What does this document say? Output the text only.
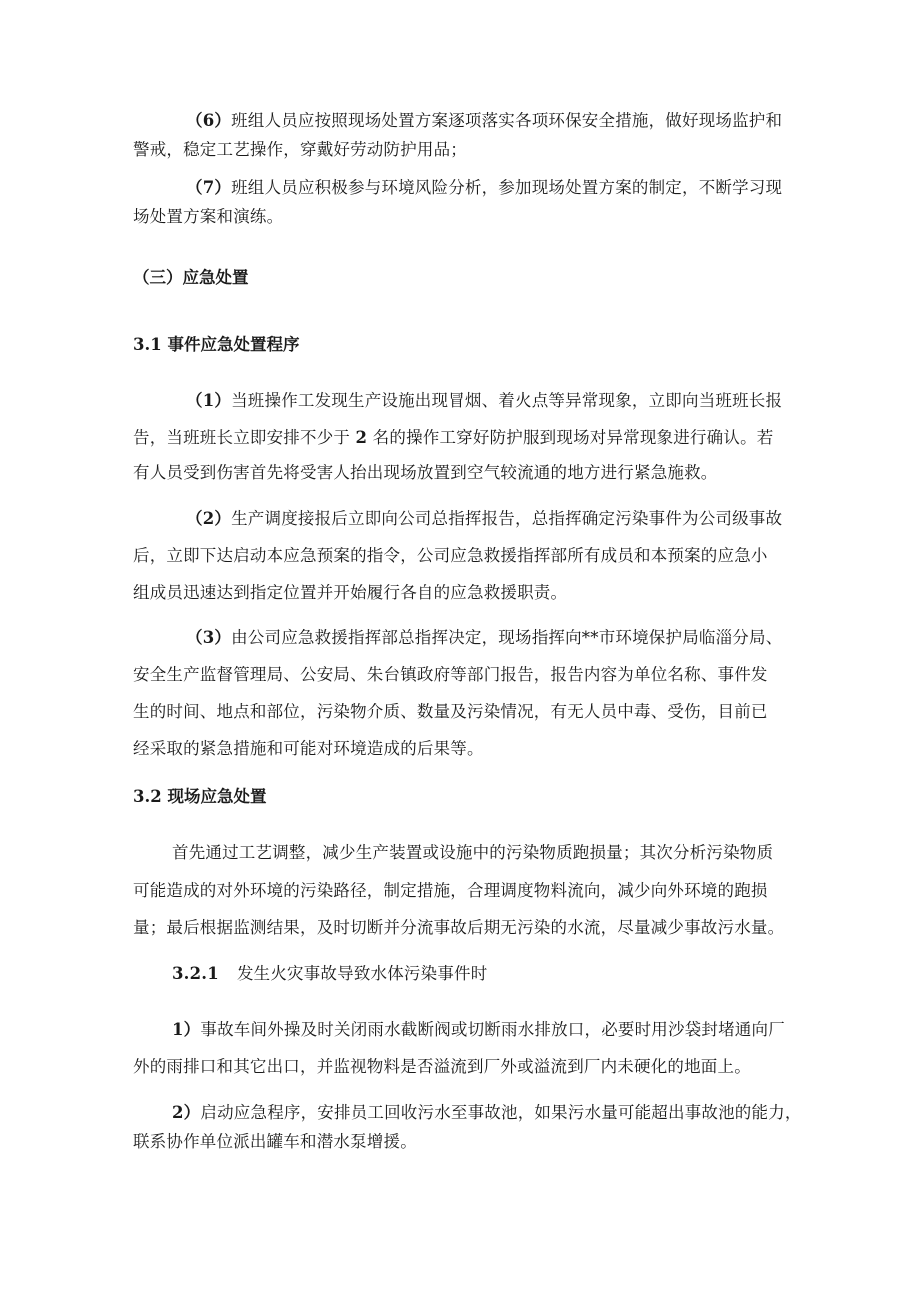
（6）班组人员应按照现场处置方案逐项落实各项环保安全措施，做好现场监护和
警戒，稳定工艺操作，穿戴好劳动防护用品；
（7）班组人员应积极参与环境风险分析，参加现场处置方案的制定，不断学习现
场处置方案和演练。
（三）应急处置
3.1 事件应急处置程序
（1）当班操作工发现生产设施出现冒烟、着火点等异常现象，立即向当班班长报
告，当班班长立即安排不少于 2 名的操作工穿好防护服到现场对异常现象进行确认。若
有人员受到伤害首先将受害人抬出现场放置到空气较流通的地方进行紧急施救。
（2）生产调度接报后立即向公司总指挥报告，总指挥确定污染事件为公司级事故
后，立即下达启动本应急预案的指令，公司应急救援指挥部所有成员和本预案的应急小
组成员迅速达到指定位置并开始履行各自的应急救援职责。
（3）由公司应急救援指挥部总指挥决定，现场指挥向**市环境保护局临淄分局、
安全生产监督管理局、公安局、朱台镇政府等部门报告，报告内容为单位名称、事件发
生的时间、地点和部位，污染物介质、数量及污染情况，有无人员中毒、受伤，目前已
经采取的紧急措施和可能对环境造成的后果等。
3.2 现场应急处置
首先通过工艺调整，减少生产装置或设施中的污染物质跑损量；其次分析污染物质
可能造成的对外环境的污染路径，制定措施，合理调度物料流向，减少向外环境的跑损
量；最后根据监测结果，及时切断并分流事故后期无污染的水流，尽量减少事故污水量。
3.2.1 发生火灾事故导致水体污染事件时
1）事故车间外操及时关闭雨水截断阀或切断雨水排放口，必要时用沙袋封堵通向厂
外的雨排口和其它出口，并监视物料是否溢流到厂外或溢流到厂内未硬化的地面上。
2）启动应急程序，安排员工回收污水至事故池，如果污水量可能超出事故池的能力，
联系协作单位派出罐车和潜水泵增援。
